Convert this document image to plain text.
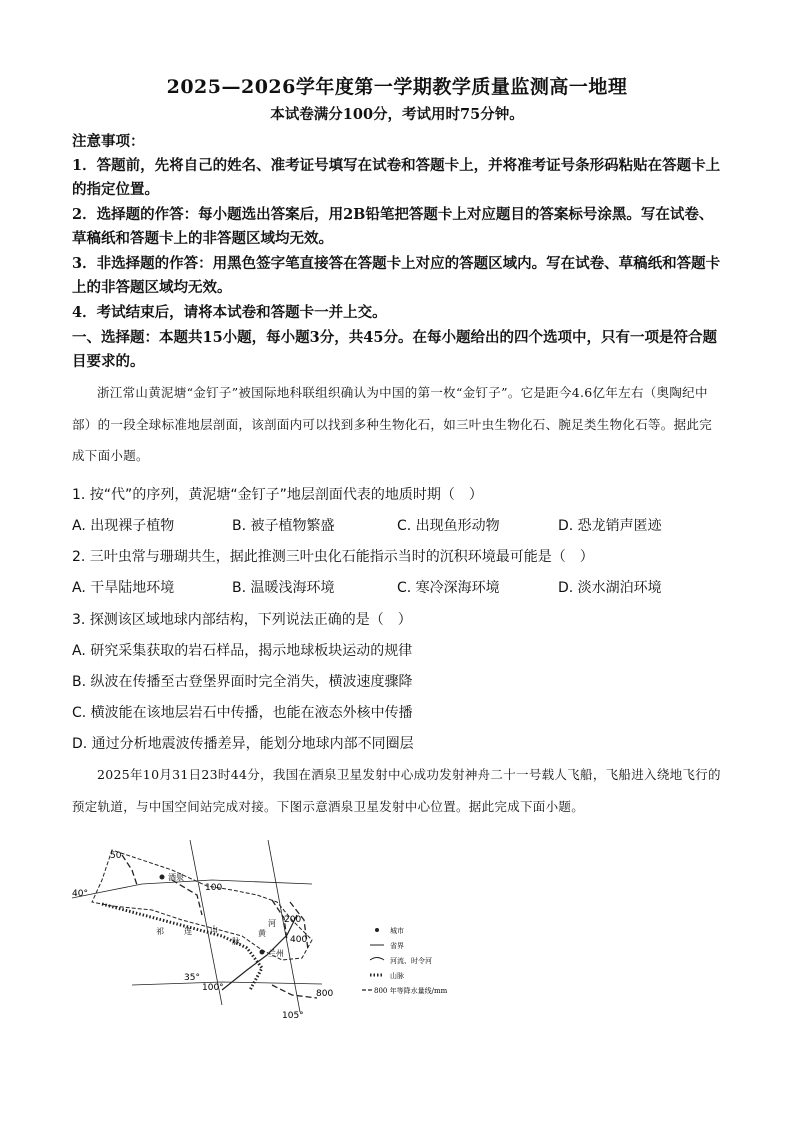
2025—2026学年度第一学期教学质量监测高一地理
本试卷满分100分，考试用时75分钟。
注意事项：
1．答题前，先将自己的姓名、准考证号填写在试卷和答题卡上，并将准考证号条形码粘贴在答题卡上的指定位置。
2．选择题的作答：每小题选出答案后，用2B铅笔把答题卡上对应题目的答案标号涂黑。写在试卷、草稿纸和答题卡上的非答题区域均无效。
3．非选择题的作答：用黑色签字笔直接答在答题卡上对应的答题区域内。写在试卷、草稿纸和答题卡上的非答题区域均无效。
4．考试结束后，请将本试卷和答题卡一并上交。
一、选择题：本题共15小题，每小题3分，共45分。在每小题给出的四个选项中，只有一项是符合题目要求的。
浙江常山黄泥塘“金钉子”被国际地科联组织确认为中国的第一枚“金钉子”。它是距今4.6亿年左右（奥陶纪中部）的一段全球标准地层剖面，该剖面内可以找到多种生物化石，如三叶虫生物化石、腕足类生物化石等。据此完成下面小题。
1. 按“代”的序列，黄泥塘“金钉子”地层剖面代表的地质时期（　）
A. 出现裸子植物	B. 被子植物繁盛	C. 出现鱼形动物	D. 恐龙销声匿迹
2. 三叶虫常与珊瑚共生，据此推测三叶虫化石能指示当时的沉积环境最可能是（　）
A. 干旱陆地环境	B. 温暖浅海环境	C. 寒冷深海环境	D. 淡水湖泊环境
3. 探测该区域地球内部结构，下列说法正确的是（　）
A. 研究采集获取的岩石样品，揭示地球板块运动的规律
B. 纵波在传播至古登堡界面时完全消失，横波速度骤降
C. 横波能在该地层岩石中传播，也能在液态外核中传播
D. 通过分析地震波传播差异，能划分地球内部不同圈层
2025年10月31日23时44分，我国在酒泉卫星发射中心成功发射神舟二十一号载人飞船，飞船进入绕地飞行的预定轨道，与中国空间站完成对接。下图示意酒泉卫星发射中心位置。据此完成下面小题。
50
100
200
400
800
40°
35°
100°
105°
酒泉
祁	连 山
脉
兰州
黄
河
城市
省界
河流、时令河
山脉
800 年等降水量线/mm
